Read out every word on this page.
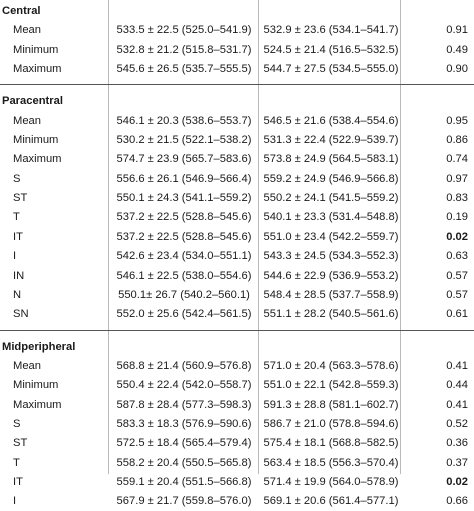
Central
Mean	533.5 ± 22.5 (525.0–541.9)	532.9 ± 23.6 (534.1–541.7)	0.91
Minimum	532.8 ± 21.2 (515.8–531.7)	524.5 ± 21.4 (516.5–532.5)	0.49
Maximum	545.6 ± 26.5 (535.7–555.5)	544.7 ± 27.5 (534.5–555.0)	0.90
Paracentral
Mean	546.1 ± 20.3 (538.6–553.7)	546.5 ± 21.6 (538.4–554.6)	0.95
Minimum	530.2 ± 21.5 (522.1–538.2)	531.3 ± 22.4 (522.9–539.7)	0.86
Maximum	574.7 ± 23.9 (565.7–583.6)	573.8 ± 24.9 (564.5–583.1)	0.74
S	556.6 ± 26.1 (546.9–566.4)	559.2 ± 24.9 (546.9–566.8)	0.97
ST	550.1 ± 24.3 (541.1–559.2)	550.2 ± 24.1 (541.5–559.2)	0.83
T	537.2 ± 22.5 (528.8–545.6)	540.1 ± 23.3 (531.4–548.8)	0.19
IT	537.2 ± 22.5 (528.8–545.6)	551.0 ± 23.4 (542.2–559.7)	0.02
I	542.6 ± 23.4 (534.0–551.1)	543.3 ± 24.5 (534.3–552.3)	0.63
IN	546.1 ± 22.5 (538.0–554.6)	544.6 ± 22.9 (536.9–553.2)	0.57
N	550.1± 26.7 (540.2–560.1)	548.4 ± 28.5 (537.7–558.9)	0.57
SN	552.0 ± 25.6 (542.4–561.5)	551.1 ± 28.2 (540.5–561.6)	0.61
Midperipheral
Mean	568.8 ± 21.4 (560.9–576.8)	571.0 ± 20.4 (563.3–578.6)	0.41
Minimum	550.4 ± 22.4 (542.0–558.7)	551.0 ± 22.1 (542.8–559.3)	0.44
Maximum	587.8 ± 28.4 (577.3–598.3)	591.3 ± 28.8 (581.1–602.7)	0.41
S	583.3 ± 18.3 (576.9–590.6)	586.7 ± 21.0 (578.8–594.6)	0.52
ST	572.5 ± 18.4 (565.4–579.4)	575.4 ± 18.1 (568.8–582.5)	0.36
T	558.2 ± 20.4 (550.5–565.8)	563.4 ± 18.5 (556.3–570.4)	0.37
IT	559.1 ± 20.4 (551.5–566.8)	571.4 ± 19.9 (564.0–578.9)	0.02
I	567.9 ± 21.7 (559.8–576.0)	569.1 ± 20.6 (561.4–577.1)	0.66
